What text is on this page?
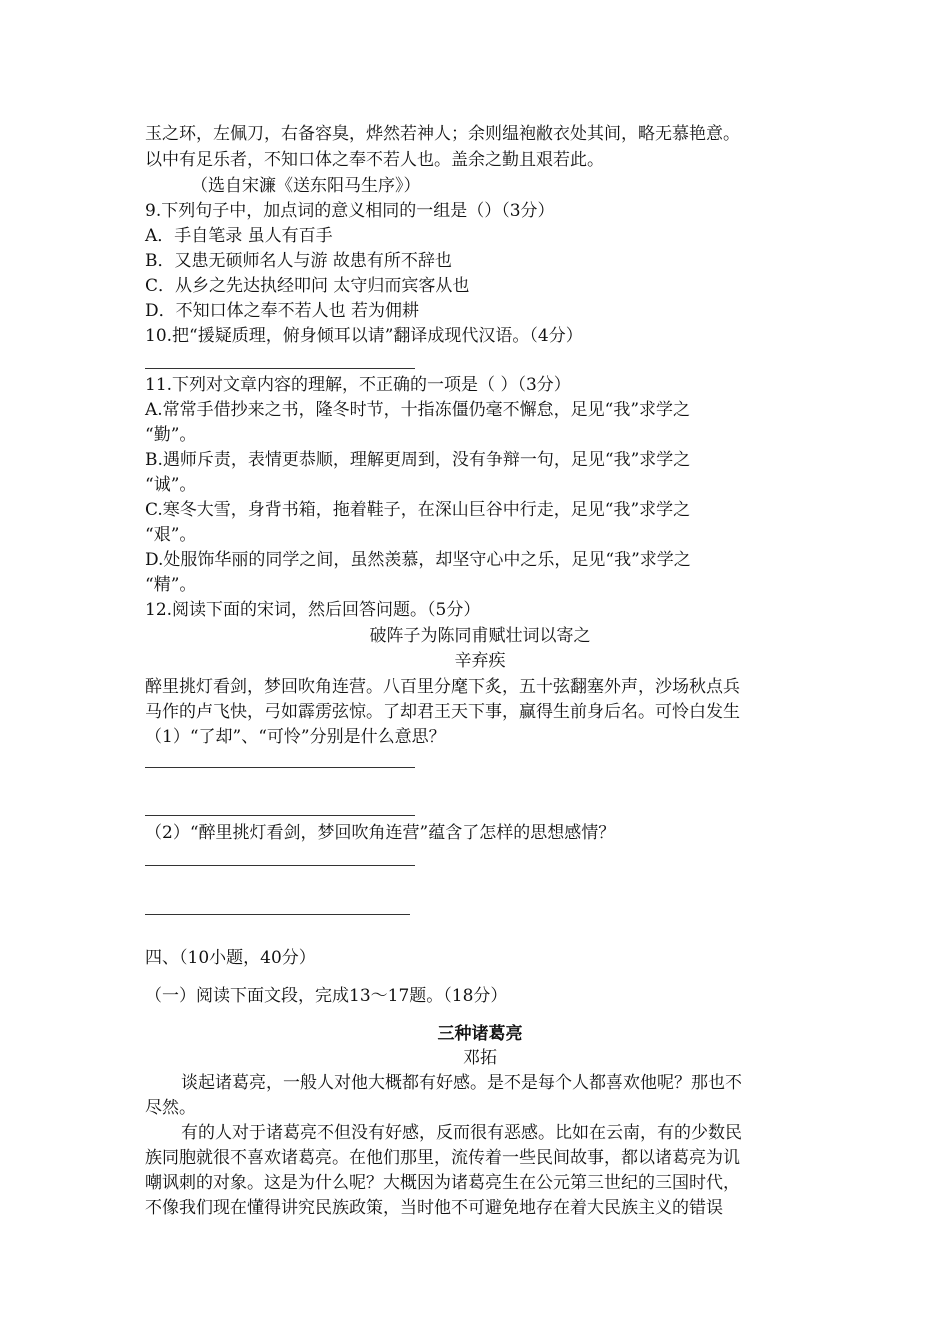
玉之环，左佩刀，右备容臭，烨然若神人；余则缊袍敝衣处其间，略无慕艳意。
以中有足乐者，不知口体之奉不若人也。盖余之勤且艰若此。
（选自宋濂《送东阳马生序》）
9.下列句子中，加点词的意义相同的一组是（）（3分）
A．手自笔录 虽人有百手
B．又患无硕师名人与游 故患有所不辞也
C．从乡之先达执经叩问 太守归而宾客从也
D．不知口体之奉不若人也 若为佣耕
10.把“援疑质理，俯身倾耳以请”翻译成现代汉语。（4分）
11.下列对文章内容的理解，不正确的一项是（ ）（3分）
A.常常手借抄来之书，隆冬时节，十指冻僵仍毫不懈怠，足见“我”求学之
“勤”。
B.遇师斥责，表情更恭顺，理解更周到，没有争辩一句，足见“我”求学之
“诚”。
C.寒冬大雪，身背书箱，拖着鞋子，在深山巨谷中行走，足见“我”求学之
“艰”。
D.处服饰华丽的同学之间，虽然羡慕，却坚守心中之乐，足见“我”求学之
“精”。
12.阅读下面的宋词，然后回答问题。（5分）
破阵子为陈同甫赋壮词以寄之
辛弃疾
醉里挑灯看剑，梦回吹角连营。八百里分麾下炙，五十弦翻塞外声，沙场秋点兵
马作的卢飞快，弓如霹雳弦惊。了却君王天下事，赢得生前身后名。可怜白发生
（1）“了却”、“可怜”分别是什么意思？
（2）“醉里挑灯看剑，梦回吹角连营”蕴含了怎样的思想感情？
四、（10小题，40分）
（一）阅读下面文段，完成13～17题。（18分）
三种诸葛亮
邓拓
谈起诸葛亮，一般人对他大概都有好感。是不是每个人都喜欢他呢？那也不
尽然。
有的人对于诸葛亮不但没有好感，反而很有恶感。比如在云南，有的少数民
族同胞就很不喜欢诸葛亮。在他们那里，流传着一些民间故事，都以诸葛亮为讥
嘲讽刺的对象。这是为什么呢？大概因为诸葛亮生在公元第三世纪的三国时代，
不像我们现在懂得讲究民族政策，当时他不可避免地存在着大民族主义的错误
